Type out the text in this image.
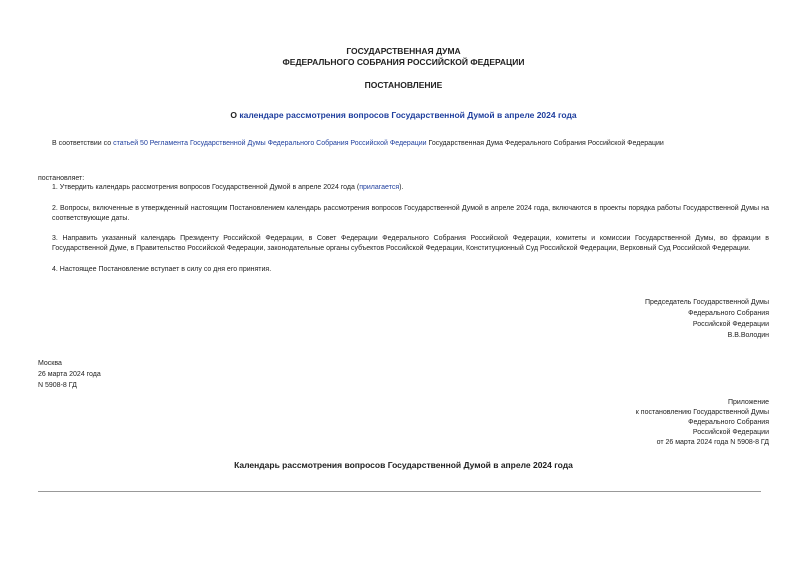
ГОСУДАРСТВЕННАЯ ДУМА
ФЕДЕРАЛЬНОГО СОБРАНИЯ РОССИЙСКОЙ ФЕДЕРАЦИИ
ПОСТАНОВЛЕНИЕ
О календаре рассмотрения вопросов Государственной Думой в апреле 2024 года
В соответствии со статьей 50 Регламента Государственной Думы Федерального Собрания Российской Федерации Государственная Дума Федерального Собрания Российской Федерации
постановляет:
1. Утвердить календарь рассмотрения вопросов Государственной Думой в апреле 2024 года (прилагается).
2. Вопросы, включенные в утвержденный настоящим Постановлением календарь рассмотрения вопросов Государственной Думой в апреле 2024 года, включаются в проекты порядка работы Государственной Думы на соответствующие даты.
3. Направить указанный календарь Президенту Российской Федерации, в Совет Федерации Федерального Собрания Российской Федерации, комитеты и комиссии Государственной Думы, во фракции в Государственной Думе, в Правительство Российской Федерации, законодательные органы субъектов Российской Федерации, Конституционный Суд Российской Федерации, Верховный Суд Российской Федерации.
4. Настоящее Постановление вступает в силу со дня его принятия.
Председатель Государственной Думы
Федерального Собрания
Российской Федерации
В.В.Володин
Москва
26 марта 2024 года
N 5908-8 ГД
Приложение
к постановлению Государственной Думы
Федерального Собрания
Российской Федерации
от 26 марта 2024 года N 5908-8 ГД
Календарь рассмотрения вопросов Государственной Думой в апреле 2024 года
